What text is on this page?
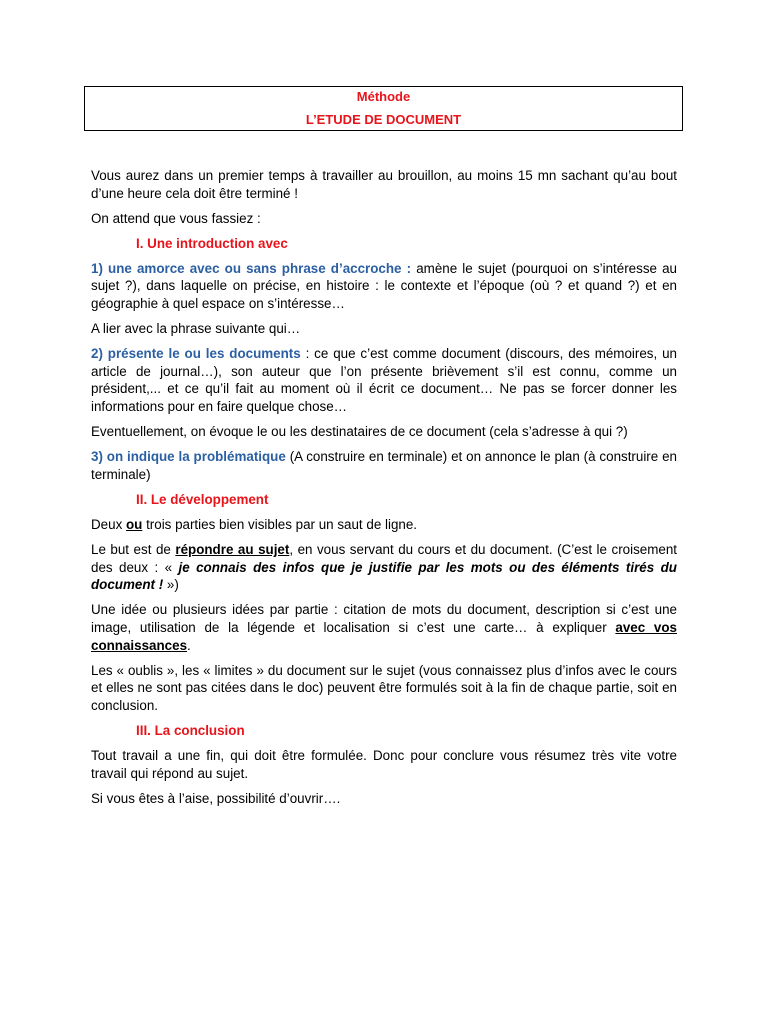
Méthode
L’ETUDE DE DOCUMENT

Vous aurez dans un premier temps à travailler au brouillon, au moins 15 mn sachant qu’au bout d’une heure cela doit être terminé !

On attend que vous fassiez :

I. Une introduction avec

1) une amorce avec ou sans phrase d’accroche : amène le sujet (pourquoi on s’intéresse au sujet ?), dans laquelle on précise, en histoire : le contexte et l’époque (où ? et quand ?) et en géographie à quel espace on s’intéresse…

A lier avec la phrase suivante qui…

2) présente le ou les documents : ce que c’est comme document (discours, des mémoires, un article de journal…), son auteur que l’on présente brièvement s’il est connu, comme un président,... et ce qu’il fait au moment où il écrit ce document… Ne pas se forcer donner les informations pour en faire quelque chose…

Eventuellement, on évoque le ou les destinataires de ce document (cela s’adresse à qui ?)

3) on indique la problématique (A construire en terminale) et on annonce le plan (à construire en terminale)

II. Le développement

Deux ou trois parties bien visibles par un saut de ligne.

Le but est de répondre au sujet, en vous servant du cours et du document. (C’est le croisement des deux : « je connais des infos que je justifie par les mots ou des éléments tirés du document ! »)

Une idée ou plusieurs idées par partie : citation de mots du document, description si c’est une image, utilisation de la légende et localisation si c’est une carte… à expliquer avec vos connaissances.

Les « oublis », les « limites » du document sur le sujet (vous connaissez plus d’infos avec le cours et elles ne sont pas citées dans le doc) peuvent être formulés soit à la fin de chaque partie, soit en conclusion.

III. La conclusion

Tout travail a une fin, qui doit être formulée. Donc pour conclure vous résumez très vite votre travail qui répond au sujet.

Si vous êtes à l’aise, possibilité d’ouvrir….
